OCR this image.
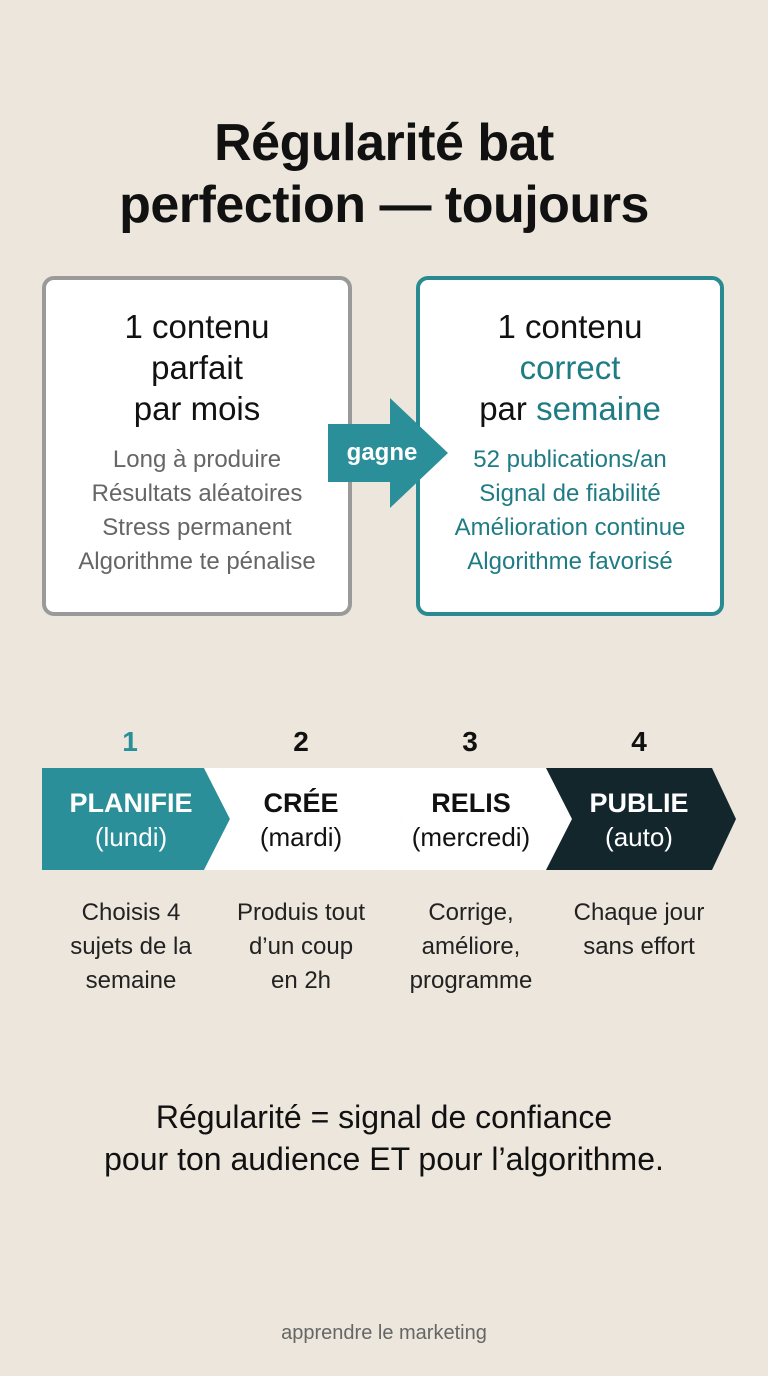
Régularité bat
perfection — toujours
1 contenu
parfait
par mois
Long à produire
Résultats aléatoires
Stress permanent
Algorithme te pénalise
1 contenu
correct
par semaine
52 publications/an
Signal de fiabilité
Amélioration continue
Algorithme favorisé
gagne
1	2	3	4
PLANIFIE
(lundi)
CRÉE
(mardi)
RELIS
(mercredi)
PUBLIE
(auto)
Choisis 4
sujets de la
semaine
Produis tout
d’un coup
en 2h
Corrige,
améliore,
programme
Chaque jour
sans effort
Régularité = signal de confiance
pour ton audience ET pour l’algorithme.
apprendre le marketing
